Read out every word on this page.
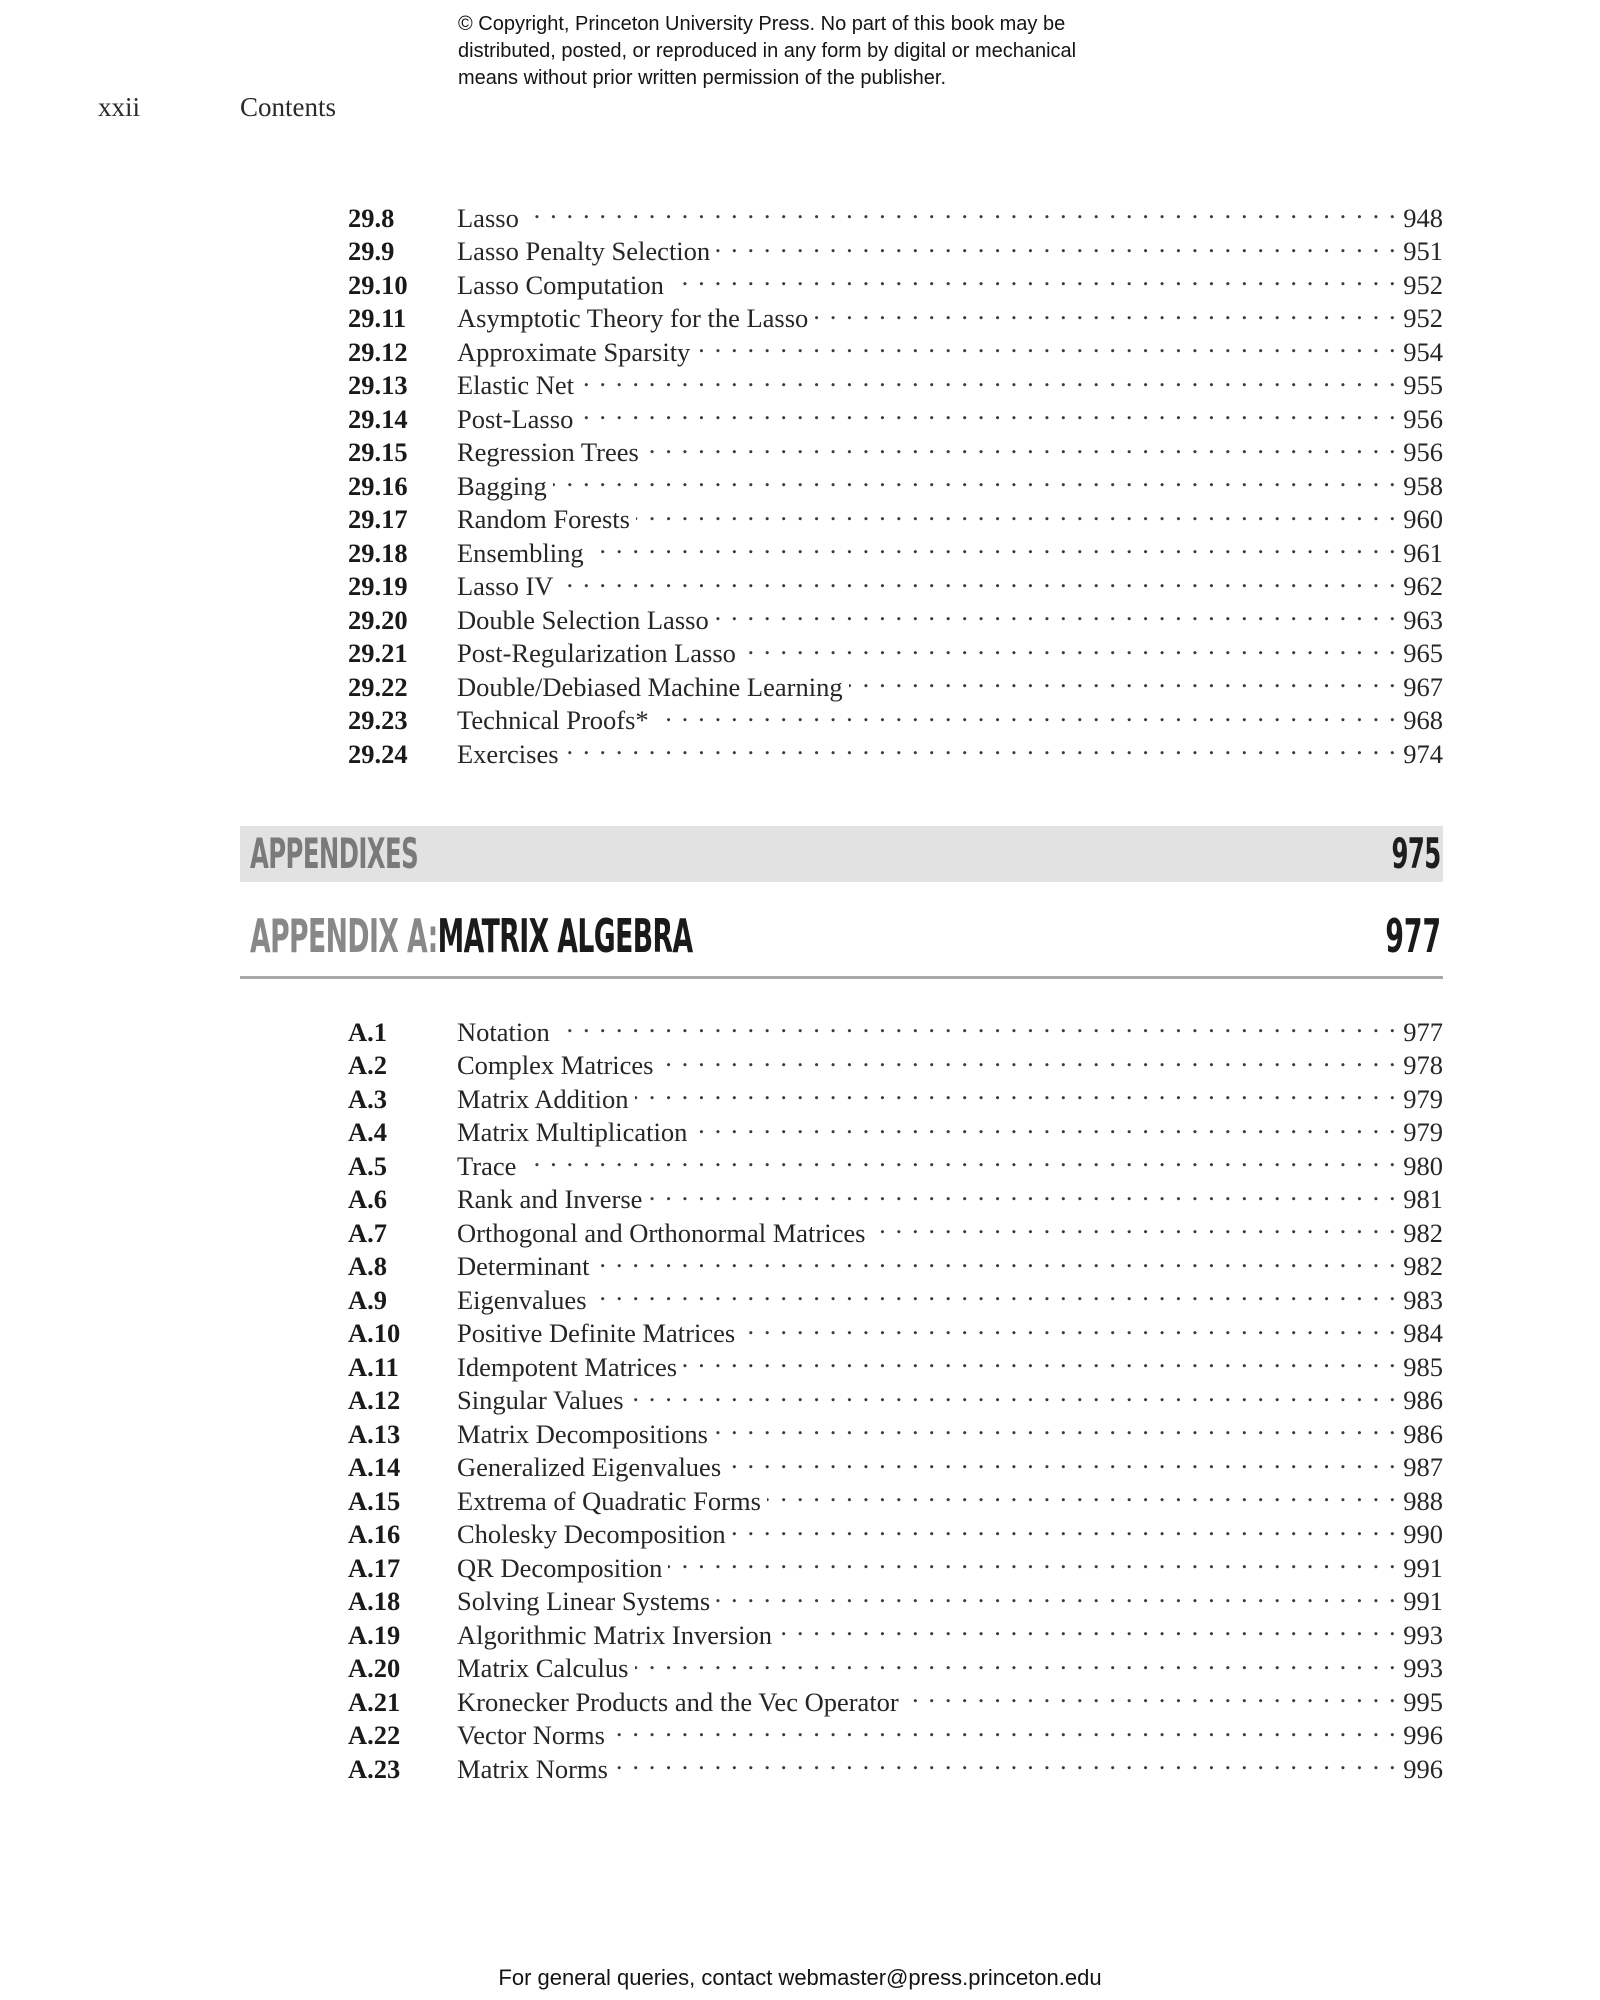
© Copyright, Princeton University Press. No part of this book may be
distributed, posted, or reproduced in any form by digital or mechanical
means without prior written permission of the publisher.
xxii	Contents
29.8	Lasso . . .	948
29.9	Lasso Penalty Selection . . .	951
29.10	Lasso Computation . . .	952
29.11	Asymptotic Theory for the Lasso . . .	952
29.12	Approximate Sparsity . . .	954
29.13	Elastic Net . . .	955
29.14	Post-Lasso . . .	956
29.15	Regression Trees . . .	956
29.16	Bagging . . .	958
29.17	Random Forests . . .	960
29.18	Ensembling . . .	961
29.19	Lasso IV . . .	962
29.20	Double Selection Lasso . . .	963
29.21	Post-Regularization Lasso . . .	965
29.22	Double/Debiased Machine Learning . . .	967
29.23	Technical Proofs* . . .	968
29.24	Exercises . . .	974
APPENDIXES	975
APPENDIX A:MATRIX ALGEBRA	977
A.1	Notation . . .	977
A.2	Complex Matrices . . .	978
A.3	Matrix Addition . . .	979
A.4	Matrix Multiplication . . .	979
A.5	Trace . . .	980
A.6	Rank and Inverse . . .	981
A.7	Orthogonal and Orthonormal Matrices . . .	982
A.8	Determinant . . .	982
A.9	Eigenvalues . . .	983
A.10	Positive Definite Matrices . . .	984
A.11	Idempotent Matrices . . .	985
A.12	Singular Values . . .	986
A.13	Matrix Decompositions . . .	986
A.14	Generalized Eigenvalues . . .	987
A.15	Extrema of Quadratic Forms . . .	988
A.16	Cholesky Decomposition . . .	990
A.17	QR Decomposition . . .	991
A.18	Solving Linear Systems . . .	991
A.19	Algorithmic Matrix Inversion . . .	993
A.20	Matrix Calculus . . .	993
A.21	Kronecker Products and the Vec Operator . . .	995
A.22	Vector Norms . . .	996
A.23	Matrix Norms . . .	996
For general queries, contact webmaster@press.princeton.edu
